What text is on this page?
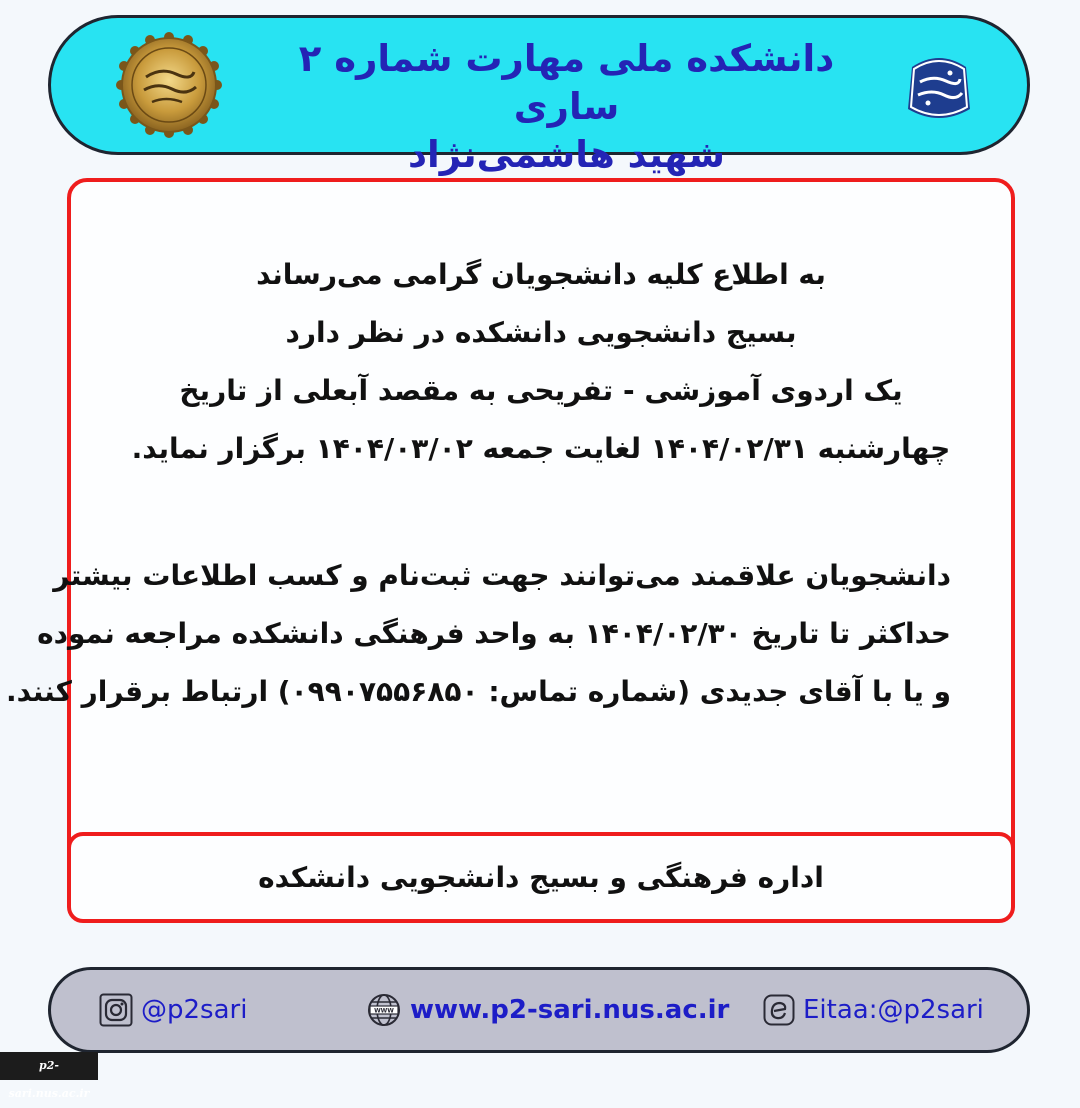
دانشکده ملی مهارت شماره ۲ ساری
شهید هاشمی‌نژاد
به اطلاع کلیه دانشجویان گرامی می‌رساند
بسیج دانشجویی دانشکده در نظر دارد
یک اردوی آموزشی - تفریحی به مقصد آبعلی از تاریخ
چهارشنبه ۱۴۰۴/۰۲/۳۱ لغایت جمعه ۱۴۰۴/۰۳/۰۲ برگزار نماید.
دانشجویان علاقمند می‌توانند جهت ثبت‌نام و کسب اطلاعات بیشتر
حداکثر تا تاریخ ۱۴۰۴/۰۲/۳۰ به واحد فرهنگی دانشکده مراجعه نموده
و یا با آقای جدیدی (شماره تماس: ۰۹۹۰۷۵۵۶۸۵۰) ارتباط برقرار کنند.
اداره فرهنگی و بسیج دانشجویی دانشکده
@p2sari	WWW www.p2-sari.nus.ac.ir	Eitaa:@p2sari
p2-sari.nus.ac.ir
